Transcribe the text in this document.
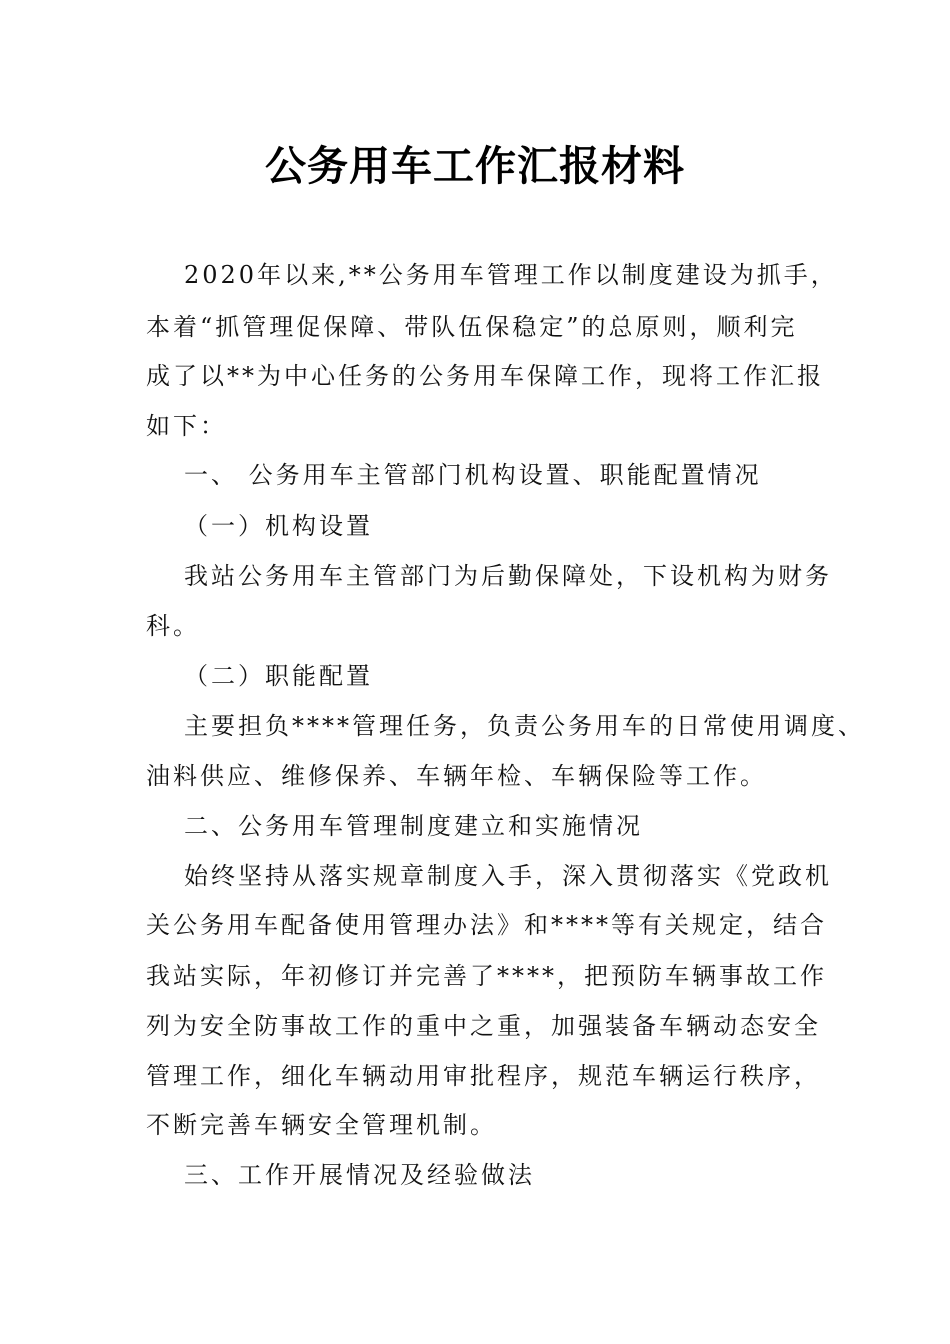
公务用车工作汇报材料
2020年以来,**公务用车管理工作以制度建设为抓手，
本着“抓管理促保障、带队伍保稳定”的总原则，顺利完
成了以**为中心任务的公务用车保障工作，现将工作汇报
如下：
一、 公务用车主管部门机构设置、职能配置情况
（一）机构设置
我站公务用车主管部门为后勤保障处，下设机构为财务
科。
（二）职能配置
主要担负****管理任务，负责公务用车的日常使用调度、
油料供应、维修保养、车辆年检、车辆保险等工作。
二、公务用车管理制度建立和实施情况
始终坚持从落实规章制度入手，深入贯彻落实《党政机
关公务用车配备使用管理办法》和****等有关规定，结合
我站实际，年初修订并完善了****，把预防车辆事故工作
列为安全防事故工作的重中之重，加强装备车辆动态安全
管理工作，细化车辆动用审批程序，规范车辆运行秩序，
不断完善车辆安全管理机制。
三、工作开展情况及经验做法
